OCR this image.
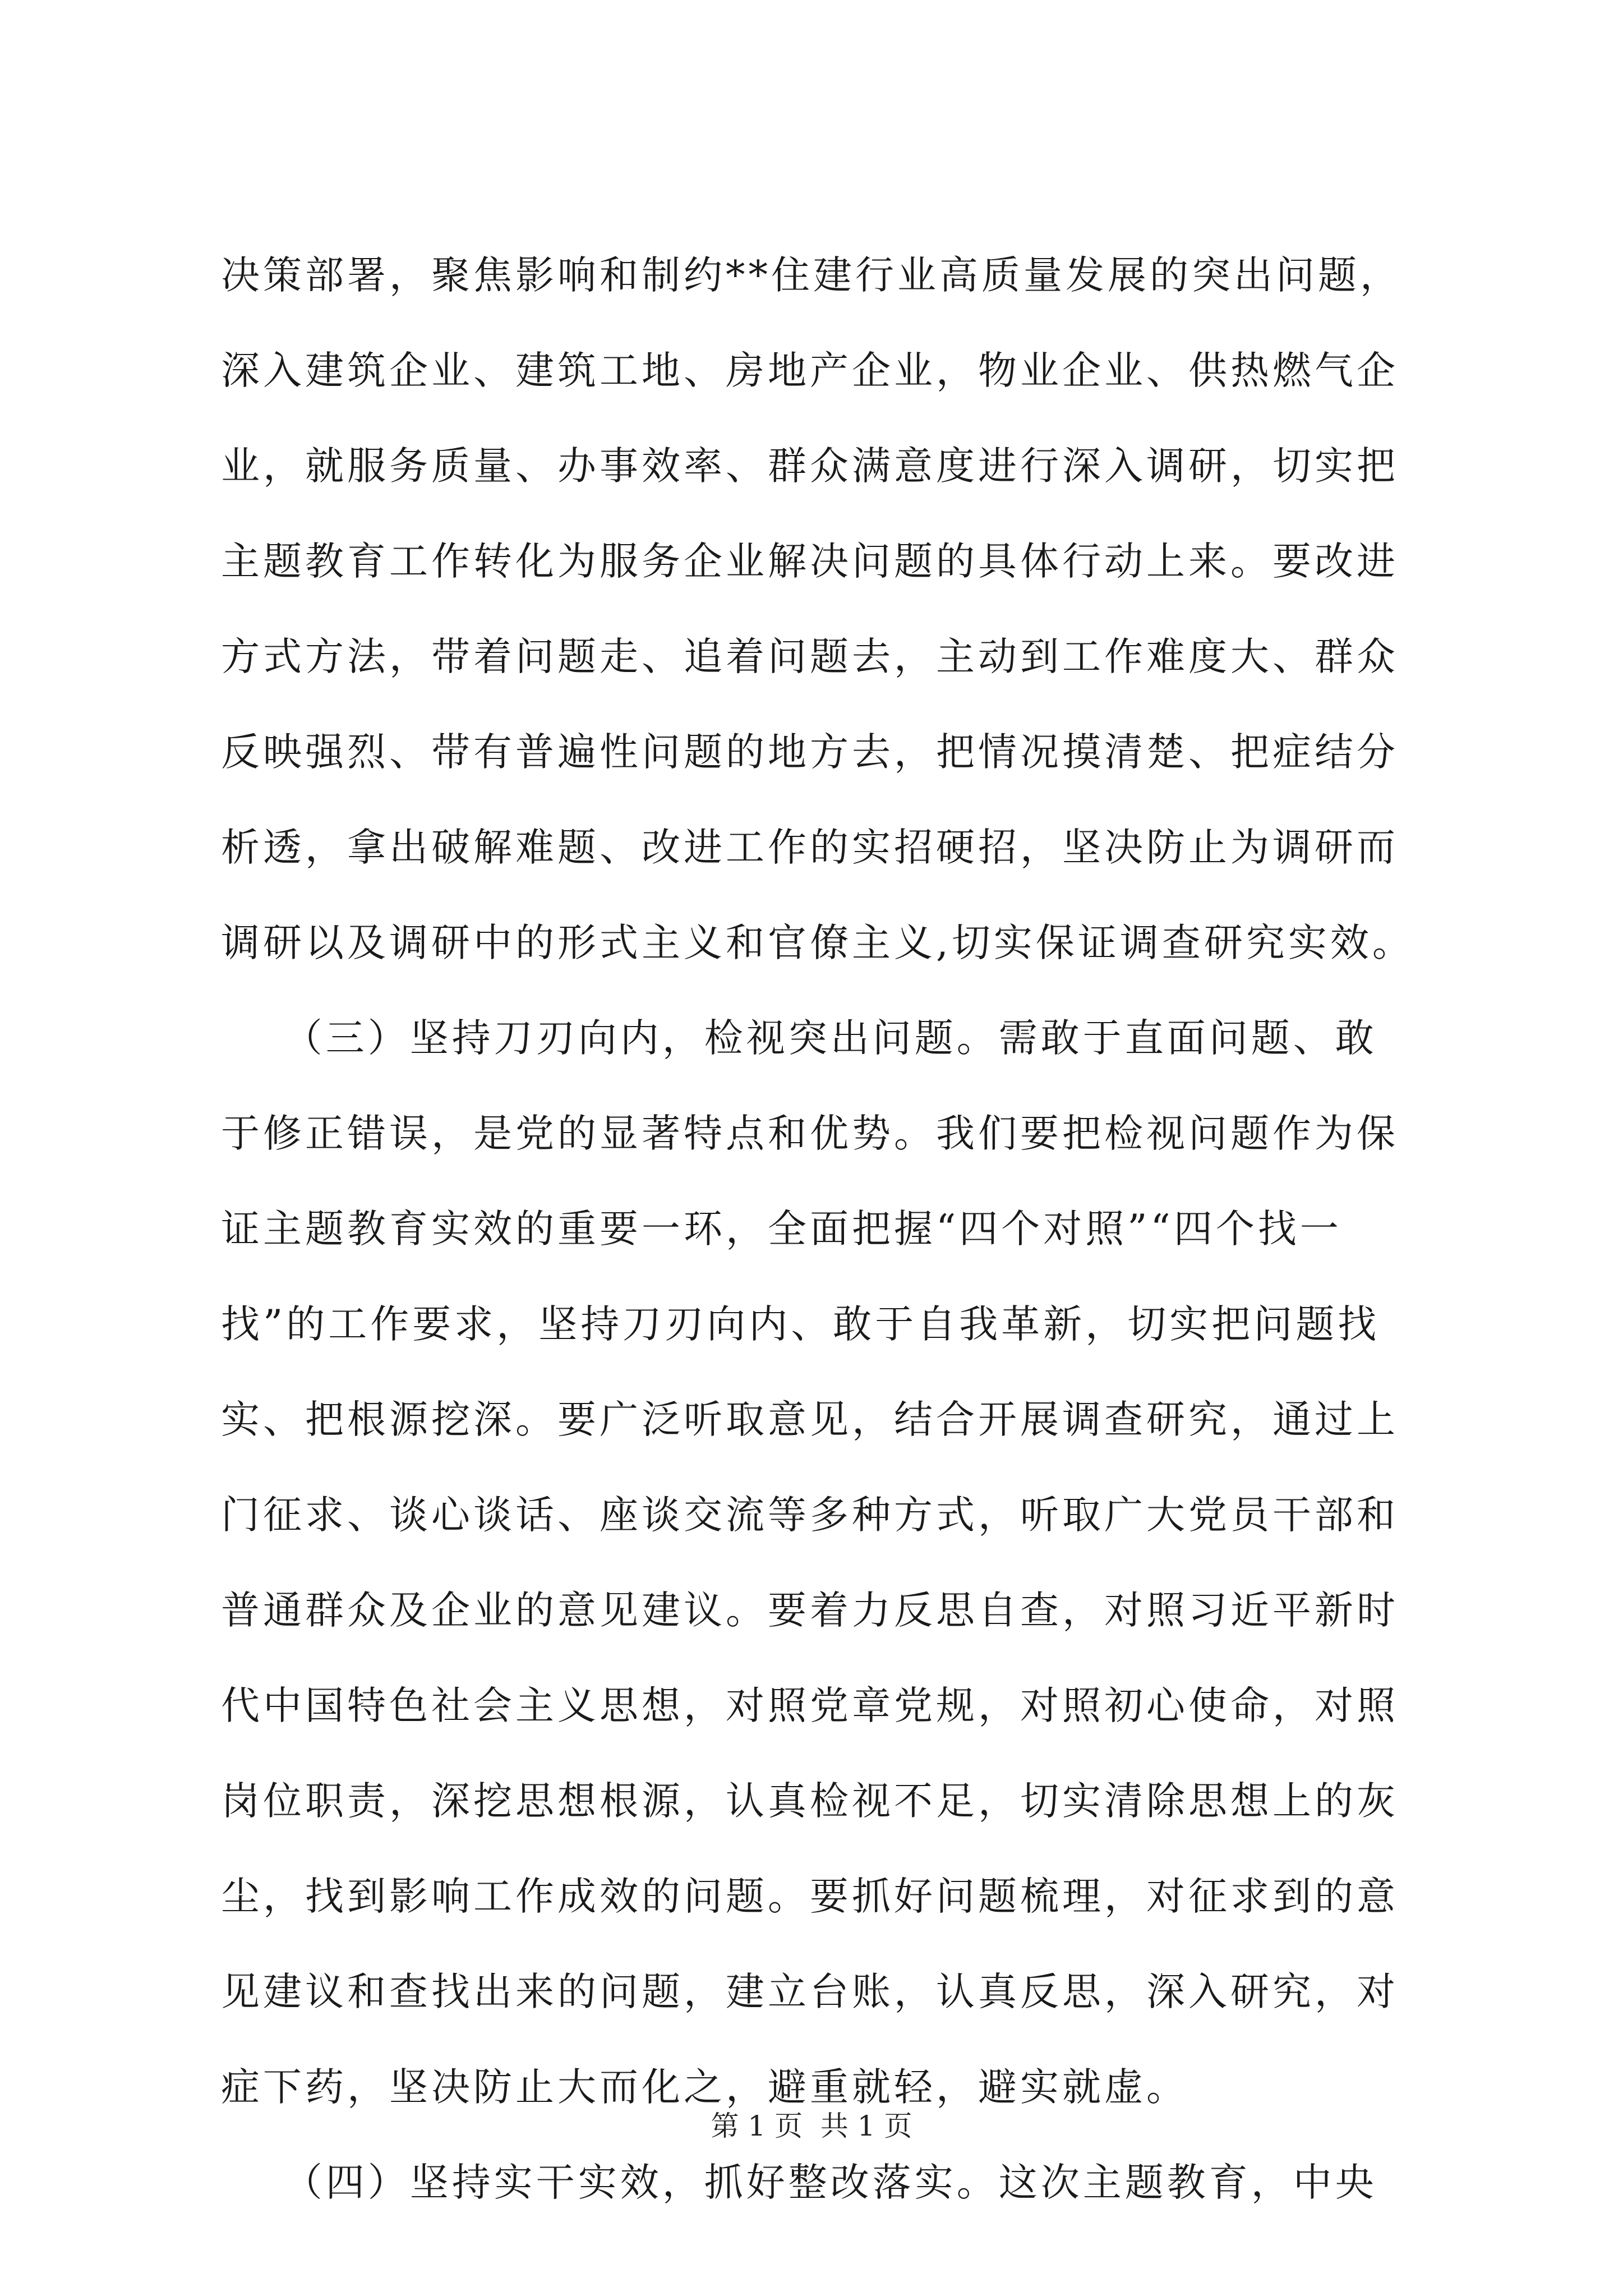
决策部署，聚焦影响和制约**住建行业高质量发展的突出问题，
深入建筑企业、建筑工地、房地产企业，物业企业、供热燃气企
业，就服务质量、办事效率、群众满意度进行深入调研，切实把
主题教育工作转化为服务企业解决问题的具体行动上来。要改进
方式方法，带着问题走、追着问题去，主动到工作难度大、群众
反映强烈、带有普遍性问题的地方去，把情况摸清楚、把症结分
析透，拿出破解难题、改进工作的实招硬招，坚决防止为调研而
调研以及调研中的形式主义和官僚主义,切实保证调查研究实效。
（三）坚持刀刃向内，检视突出问题。需敢于直面问题、敢
于修正错误，是党的显著特点和优势。我们要把检视问题作为保
证主题教育实效的重要一环，全面把握“四个对照”“四个找一
找”的工作要求，坚持刀刃向内、敢于自我革新，切实把问题找
实、把根源挖深。要广泛听取意见，结合开展调查研究，通过上
门征求、谈心谈话、座谈交流等多种方式，听取广大党员干部和
普通群众及企业的意见建议。要着力反思自查，对照习近平新时
代中国特色社会主义思想，对照党章党规，对照初心使命，对照
岗位职责，深挖思想根源，认真检视不足，切实清除思想上的灰
尘，找到影响工作成效的问题。要抓好问题梳理，对征求到的意
见建议和查找出来的问题，建立台账，认真反思，深入研究，对
症下药，坚决防止大而化之，避重就轻，避实就虚。
（四）坚持实干实效，抓好整改落实。这次主题教育，中央
第 1 页  共 1 页
